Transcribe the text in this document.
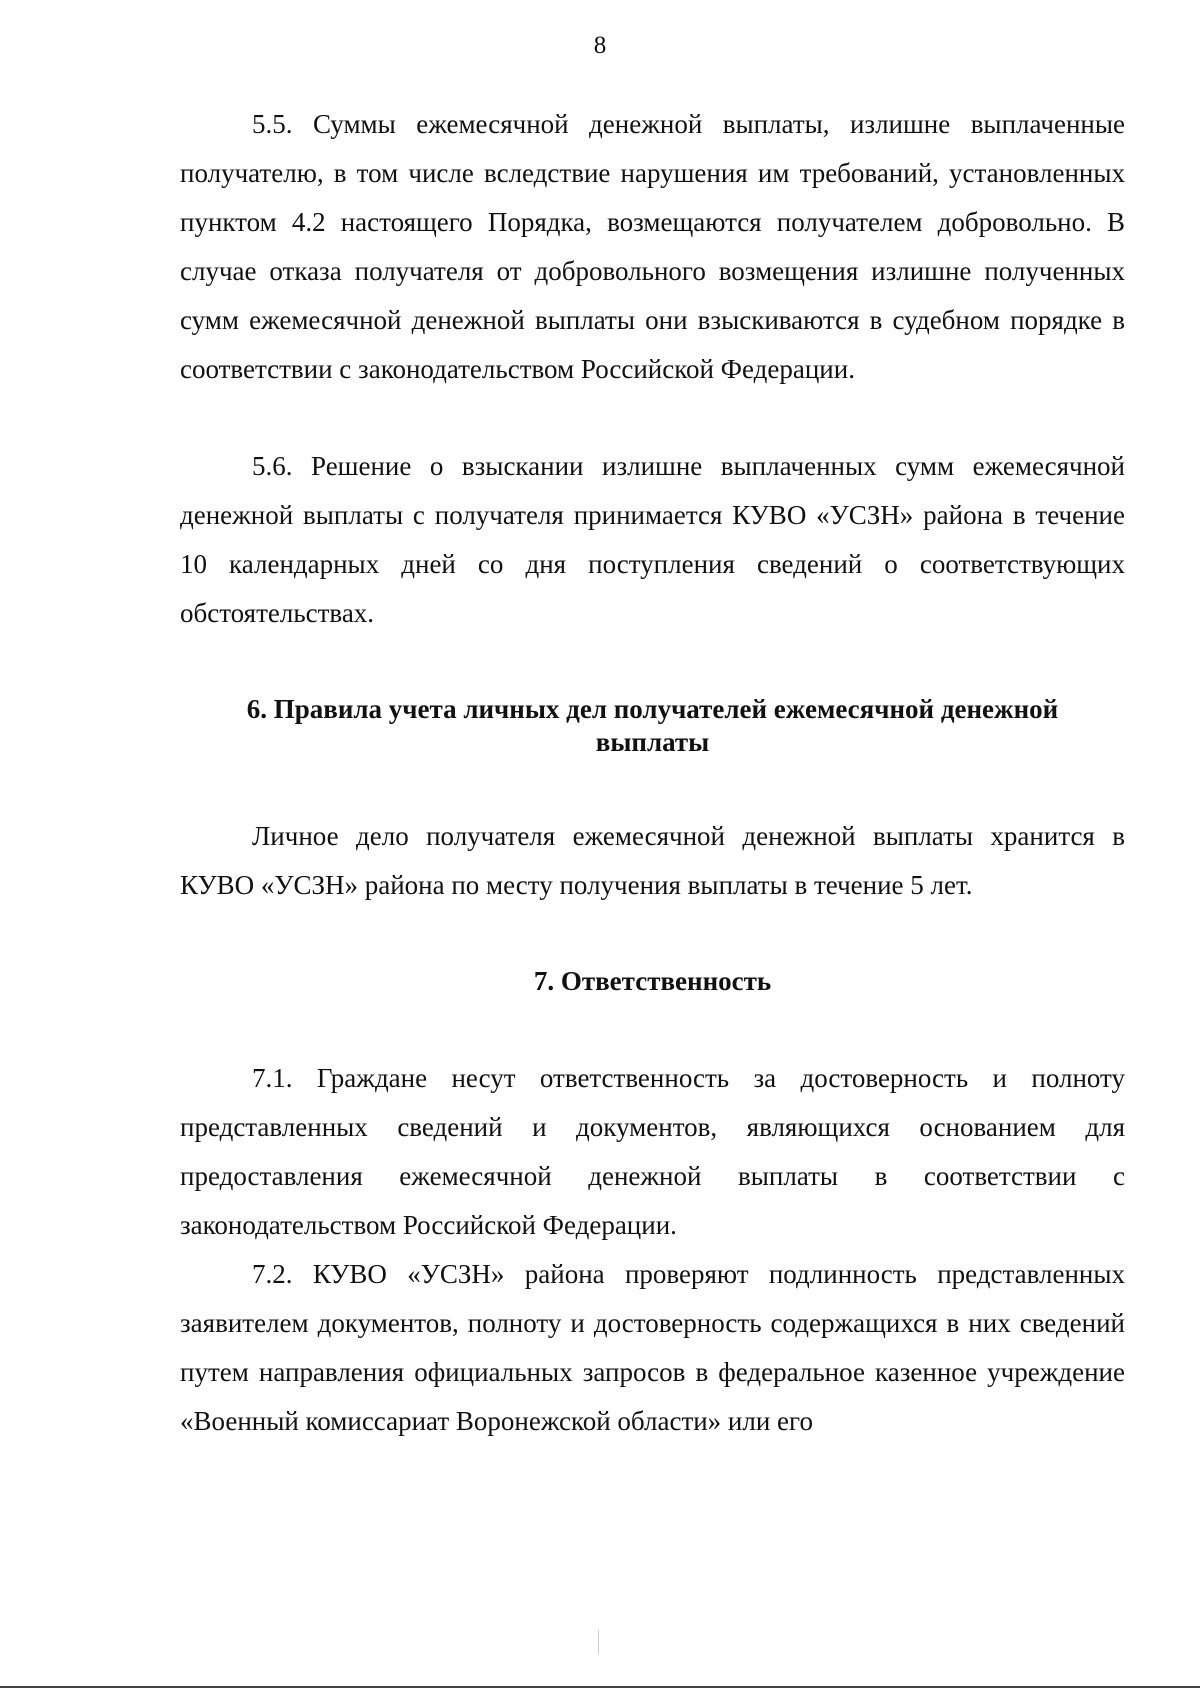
8

5.5. Суммы ежемесячной денежной выплаты, излишне выплаченные получателю, в том числе вследствие нарушения им требований, установленных пунктом 4.2 настоящего Порядка, возмещаются получателем добровольно. В случае отказа получателя от добровольного возмещения излишне полученных сумм ежемесячной денежной выплаты они взыскиваются в судебном порядке в соответствии с законодательством Российской Федерации.

5.6. Решение о взыскании излишне выплаченных сумм ежемесячной денежной выплаты с получателя принимается КУВО «УСЗН» района в течение 10 календарных дней со дня поступления сведений о соответствующих обстоятельствах.

6. Правила учета личных дел получателей ежемесячной денежной
выплаты

Личное дело получателя ежемесячной денежной выплаты хранится в КУВО «УСЗН» района по месту получения выплаты в течение 5 лет.

7. Ответственность

7.1. Граждане несут ответственность за достоверность и полноту представленных сведений и документов, являющихся основанием для предоставления ежемесячной денежной выплаты в соответствии с законодательством Российской Федерации.

7.2. КУВО «УСЗН» района проверяют подлинность представленных заявителем документов, полноту и достоверность содержащихся в них сведений путем направления официальных запросов в федеральное казенное учреждение «Военный комиссариат Воронежской области» или его
